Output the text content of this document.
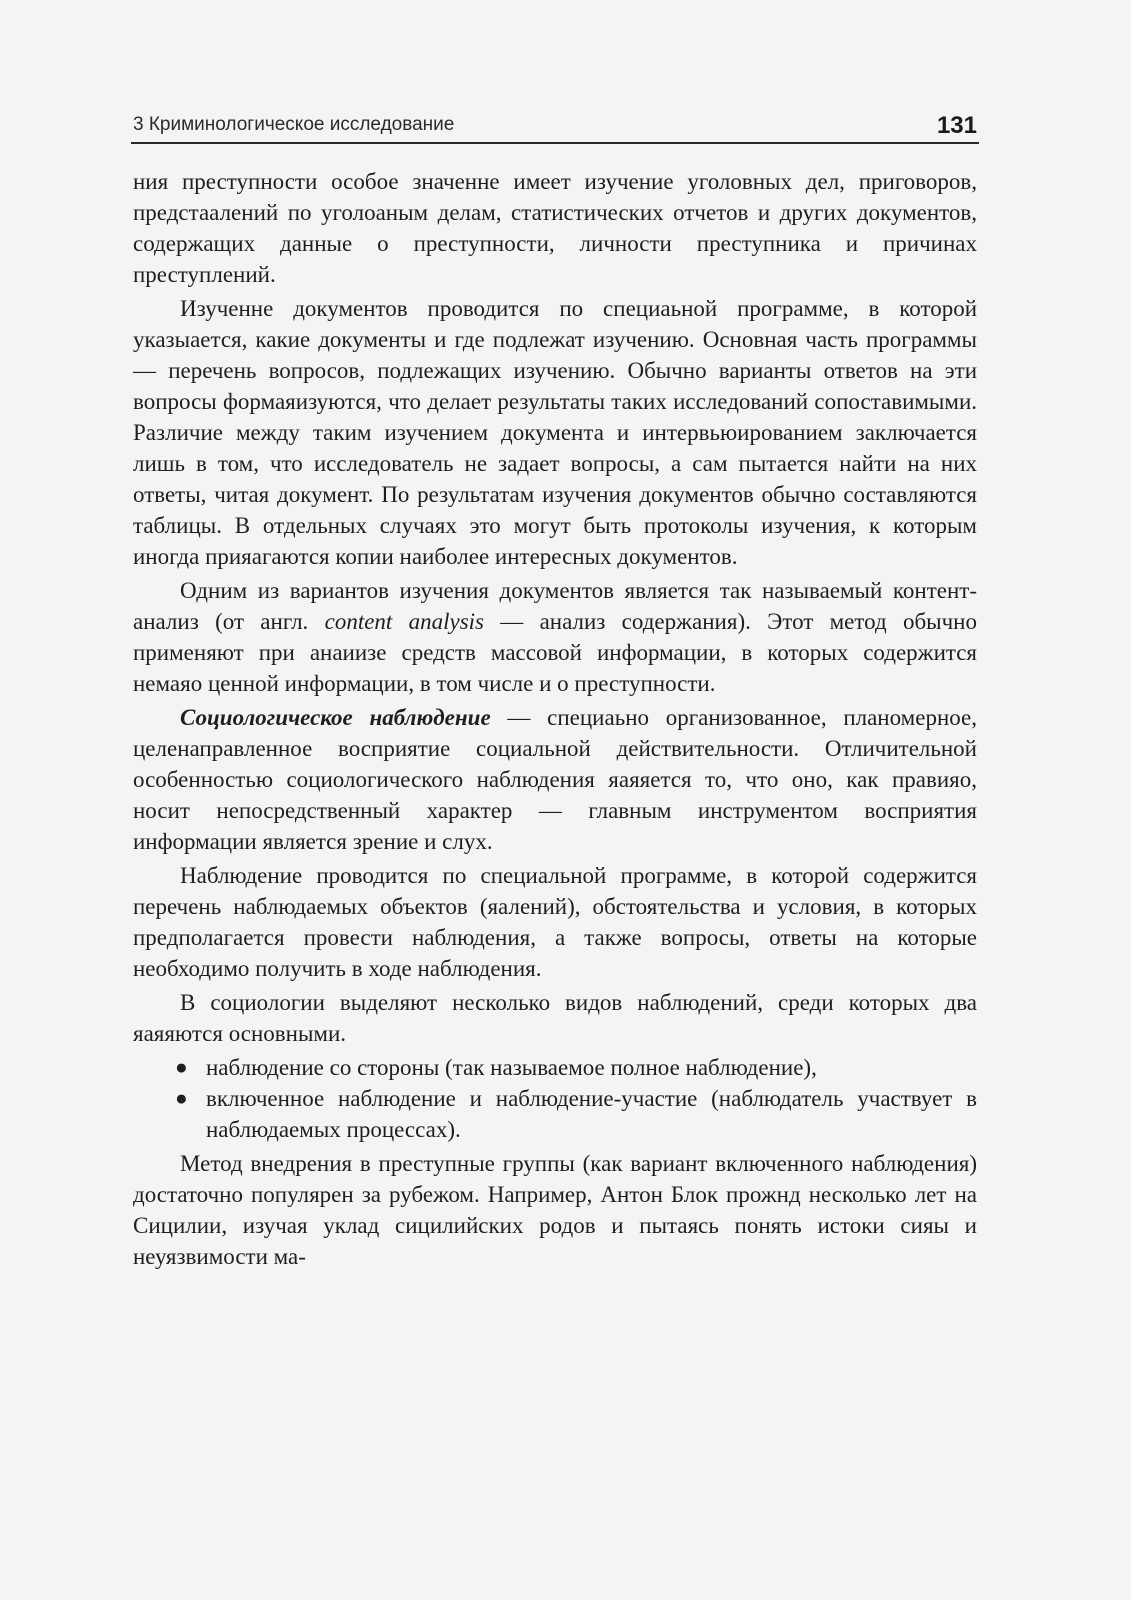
3 Криминологическое исследование	131

ния преступности особое значенне имеет изучение уголовных дел, приговоров, предстаалений по уголоаным делам, статистических отчетов и других документов, содержащих данные о преступности, личности преступника и причинах преступлений.

Изученне документов проводится по специаьной программе, в которой указыается, какие документы и где подлежат изучению. Основная часть программы — перечень вопросов, подлежащих изучению. Обычно варианты ответов на эти вопросы формаяизуются, что делает результаты таких исследований сопоставимыми. Различие между таким изучением документа и интервьюированием заключается лишь в том, что исследователь не задает вопросы, а сам пытается найти на них ответы, читая документ. По результатам изучения документов обычно составляются таблицы. В отдельных случаях это могут быть протоколы изучения, к которым иногда прияагаются копии наиболее интересных документов.

Одним из вариантов изучения документов является так называемый контент-анализ (от англ. content analysis — анализ содержания). Этот метод обычно применяют при анаиизе средств массовой информации, в которых содержится немаяо ценной информации, в том числе и о преступности.

Социологическое наблюдение — специаьно организованное, планомерное, целенаправленное восприятие социальной действительности. Отличительной особенностью социологического наблюдения яаяяется то, что оно, как правияо, носит непосредственный характер — главным инструментом восприятия информации является зрение и слух.

Наблюдение проводится по специальной программе, в которой содержится перечень наблюдаемых объектов (яалений), обстоятельства и условия, в которых предполагается провести наблюдения, а также вопросы, ответы на которые необходимо получить в ходе наблюдения.

В социологии выделяют несколько видов наблюдений, среди которых два яаяяются основными.

● наблюдение со стороны (так называемое полное наблюдение),
● включенное наблюдение и наблюдение-участие (наблюдатель участвует в наблюдаемых процессах).

Метод внедрения в преступные группы (как вариант включенного наблюдения) достаточно популярен за рубежом. Например, Антон Блок прожнд несколько лет на Сицилии, изучая уклад сицилийских родов и пытаясь понять истоки сияы и неуязвимости ма-
